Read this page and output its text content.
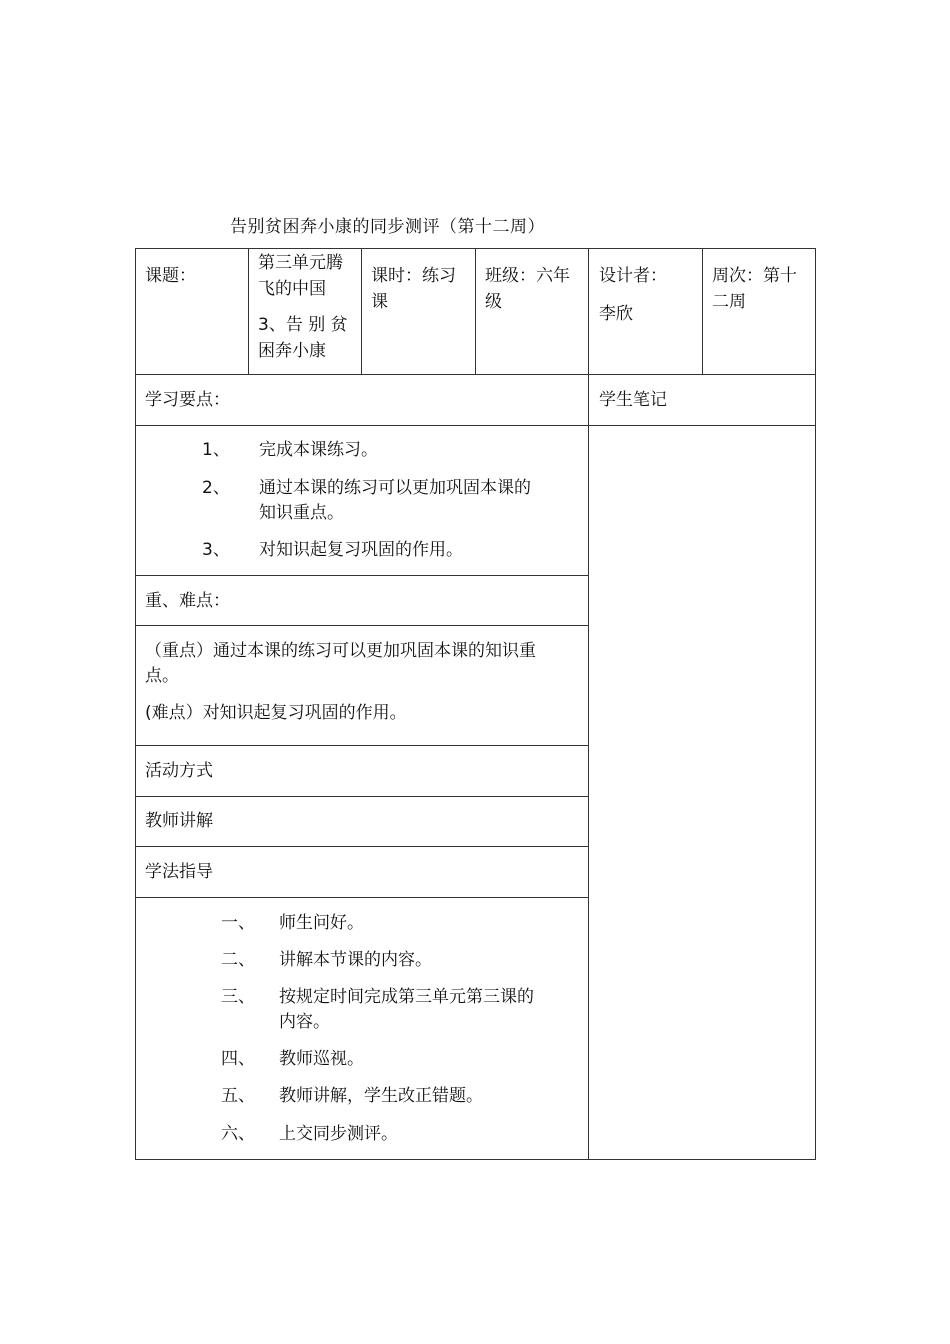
告别贫困奔小康的同步测评（第十二周）
课题：
第三单元腾
飞的中国
3、告 别 贫
困奔小康
课时：练习
课
班级：六年
级
设计者：
李欣
周次：第十
二周
学习要点：	学生笔记
1、 完成本课练习。
2、 通过本课的练习可以更加巩固本课的
知识重点。
3、 对知识起复习巩固的作用。
重、难点：
（重点）通过本课的练习可以更加巩固本课的知识重
点。
(难点）对知识起复习巩固的作用。
活动方式
教师讲解
学法指导
一、 师生问好。
二、 讲解本节课的内容。
三、 按规定时间完成第三单元第三课的
内容。
四、 教师巡视。
五、 教师讲解，学生改正错题。
六、 上交同步测评。
